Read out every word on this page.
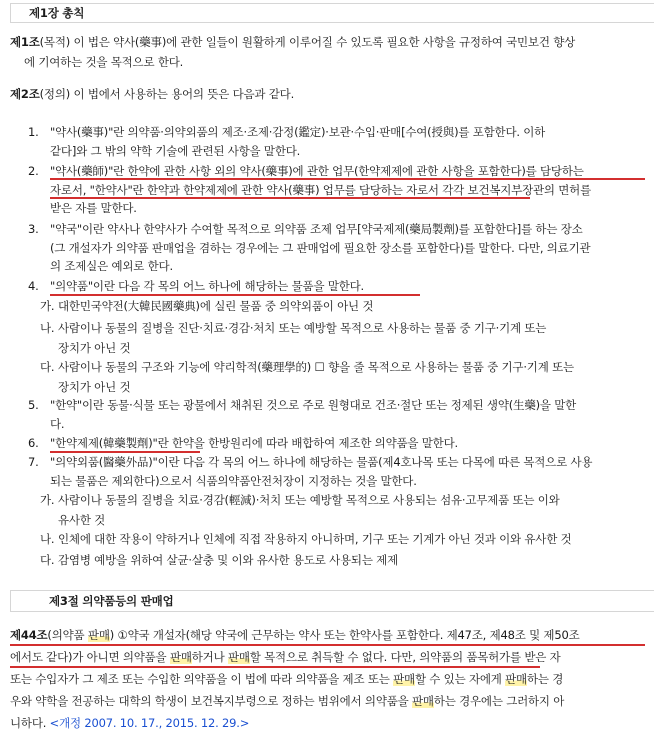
제1장 총칙
제1조(목적) 이 법은 약사(藥事)에 관한 일들이 원활하게 이루어질 수 있도록 필요한 사항을 규정하여 국민보건 향상
에 기여하는 것을 목적으로 한다.
제2조(정의) 이 법에서 사용하는 용어의 뜻은 다음과 같다.
1. "약사(藥事)"란 의약품·의약외품의 제조·조제·감정(鑑定)·보관·수입·판매[수여(授與)를 포함한다. 이하
같다]와 그 밖의 약학 기술에 관련된 사항을 말한다.
2. "약사(藥師)"란 한약에 관한 사항 외의 약사(藥事)에 관한 업무(한약제제에 관한 사항을 포함한다)를 담당하는
자로서, "한약사"란 한약과 한약제제에 관한 약사(藥事) 업무를 담당하는 자로서 각각 보건복지부장관의 면허를
받은 자를 말한다.
3. "약국"이란 약사나 한약사가 수여할 목적으로 의약품 조제 업무[약국제제(藥局製劑)를 포함한다]를 하는 장소
(그 개설자가 의약품 판매업을 겸하는 경우에는 그 판매업에 필요한 장소를 포함한다)를 말한다. 다만, 의료기관
의 조제실은 예외로 한다.
4. "의약품"이란 다음 각 목의 어느 하나에 해당하는 물품을 말한다.
가. 대한민국약전(大韓民國藥典)에 실린 물품 중 의약외품이 아닌 것
나. 사람이나 동물의 질병을 진단·치료·경감·처치 또는 예방할 목적으로 사용하는 물품 중 기구·기계 또는
장치가 아닌 것
다. 사람이나 동물의 구조와 기능에 약리학적(藥理學的) ☐ 향을 줄 목적으로 사용하는 물품 중 기구·기계 또는
장치가 아닌 것
5. "한약"이란 동물·식물 또는 광물에서 채취된 것으로 주로 원형대로 건조·절단 또는 정제된 생약(生藥)을 말한
다.
6. "한약제제(韓藥製劑)"란 한약을 한방원리에 따라 배합하여 제조한 의약품을 말한다.
7. "의약외품(醫藥外品)"이란 다음 각 목의 어느 하나에 해당하는 물품(제4호나목 또는 다목에 따른 목적으로 사용
되는 물품은 제외한다)으로서 식품의약품안전처장이 지정하는 것을 말한다.
가. 사람이나 동물의 질병을 치료·경감(輕減)·처치 또는 예방할 목적으로 사용되는 섬유·고무제품 또는 이와
유사한 것
나. 인체에 대한 작용이 약하거나 인체에 직접 작용하지 아니하며, 기구 또는 기계가 아닌 것과 이와 유사한 것
다. 감염병 예방을 위하여 살균·살충 및 이와 유사한 용도로 사용되는 제제
제3절 의약품등의 판매업
제44조(의약품 판매) ①약국 개설자(해당 약국에 근무하는 약사 또는 한약사를 포함한다. 제47조, 제48조 및 제50조
에서도 같다)가 아니면 의약품을 판매하거나 판매할 목적으로 취득할 수 없다. 다만, 의약품의 품목허가를 받은 자
또는 수입자가 그 제조 또는 수입한 의약품을 이 법에 따라 의약품을 제조 또는 판매할 수 있는 자에게 판매하는 경
우와 약학을 전공하는 대학의 학생이 보건복지부령으로 정하는 범위에서 의약품을 판매하는 경우에는 그러하지 아
니하다. <개정 2007. 10. 17., 2015. 12. 29.>
